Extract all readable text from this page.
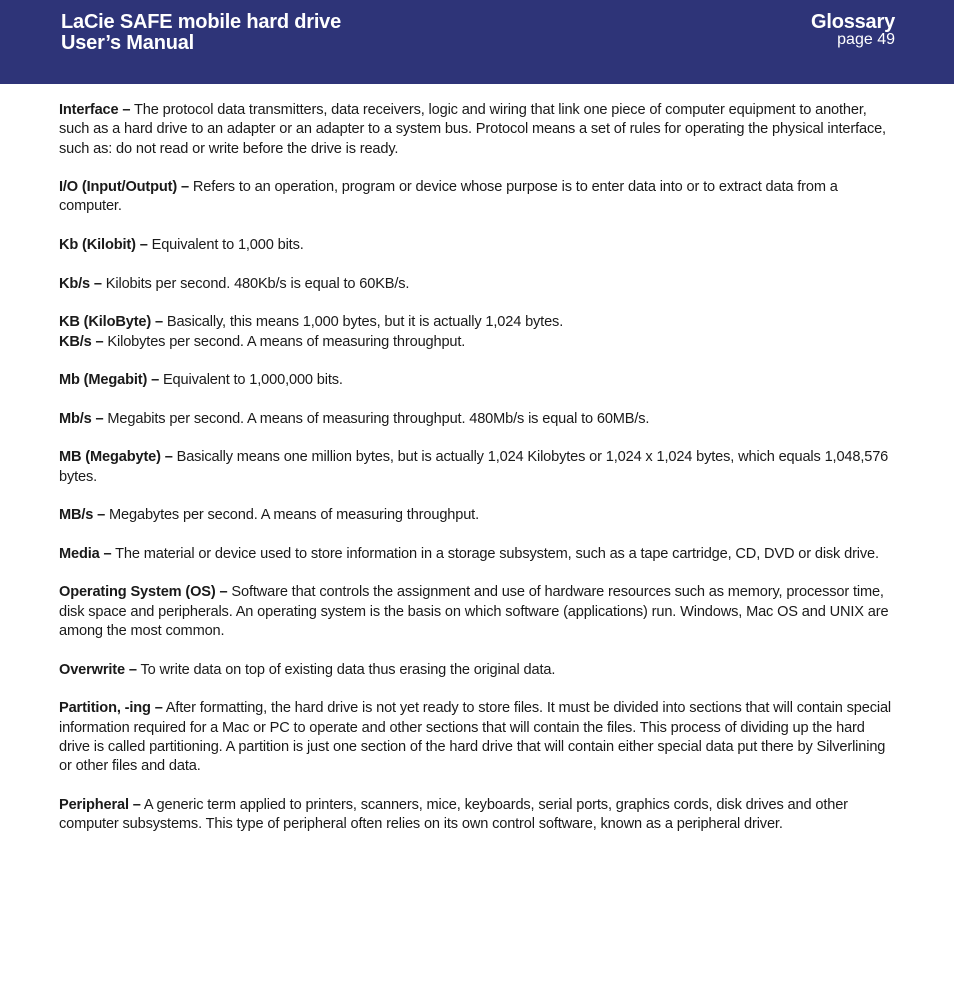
LaCie SAFE mobile hard drive
User’s Manual
Glossary
page 49

Interface – The protocol data transmitters, data receivers, logic and wiring that link one piece of computer equipment to another, such as a hard drive to an adapter or an adapter to a system bus. Protocol means a set of rules for operating the physical interface, such as: do not read or write before the drive is ready.

I/O (Input/Output) – Refers to an operation, program or device whose purpose is to enter data into or to extract data from a computer.

Kb (Kilobit) – Equivalent to 1,000 bits.

Kb/s – Kilobits per second. 480Kb/s is equal to 60KB/s.

KB (KiloByte) – Basically, this means 1,000 bytes, but it is actually 1,024 bytes.

KB/s – Kilobytes per second. A means of measuring throughput.

Mb (Megabit) – Equivalent to 1,000,000 bits.

Mb/s – Megabits per second. A means of measuring throughput. 480Mb/s is equal to 60MB/s.

MB (Megabyte) – Basically means one million bytes, but is actually 1,024 Kilobytes or 1,024 x 1,024 bytes, which equals 1,048,576 bytes.

MB/s – Megabytes per second. A means of measuring throughput.

Media – The material or device used to store information in a storage subsystem, such as a tape cartridge, CD, DVD or disk drive.

Operating System (OS) – Software that controls the assignment and use of hardware resources such as memory, processor time, disk space and peripherals. An operating system is the basis on which software (applications) run. Windows, Mac OS and UNIX are among the most common.

Overwrite – To write data on top of existing data thus erasing the original data.

Partition, -ing – After formatting, the hard drive is not yet ready to store files. It must be divided into sections that will contain special information required for a Mac or PC to operate and other sections that will contain the files. This process of dividing up the hard drive is called partitioning. A partition is just one section of the hard drive that will contain either special data put there by Silverlining or other files and data.

Peripheral – A generic term applied to printers, scanners, mice, keyboards, serial ports, graphics cords, disk drives and other computer subsystems. This type of peripheral often relies on its own control software, known as a peripheral driver.
